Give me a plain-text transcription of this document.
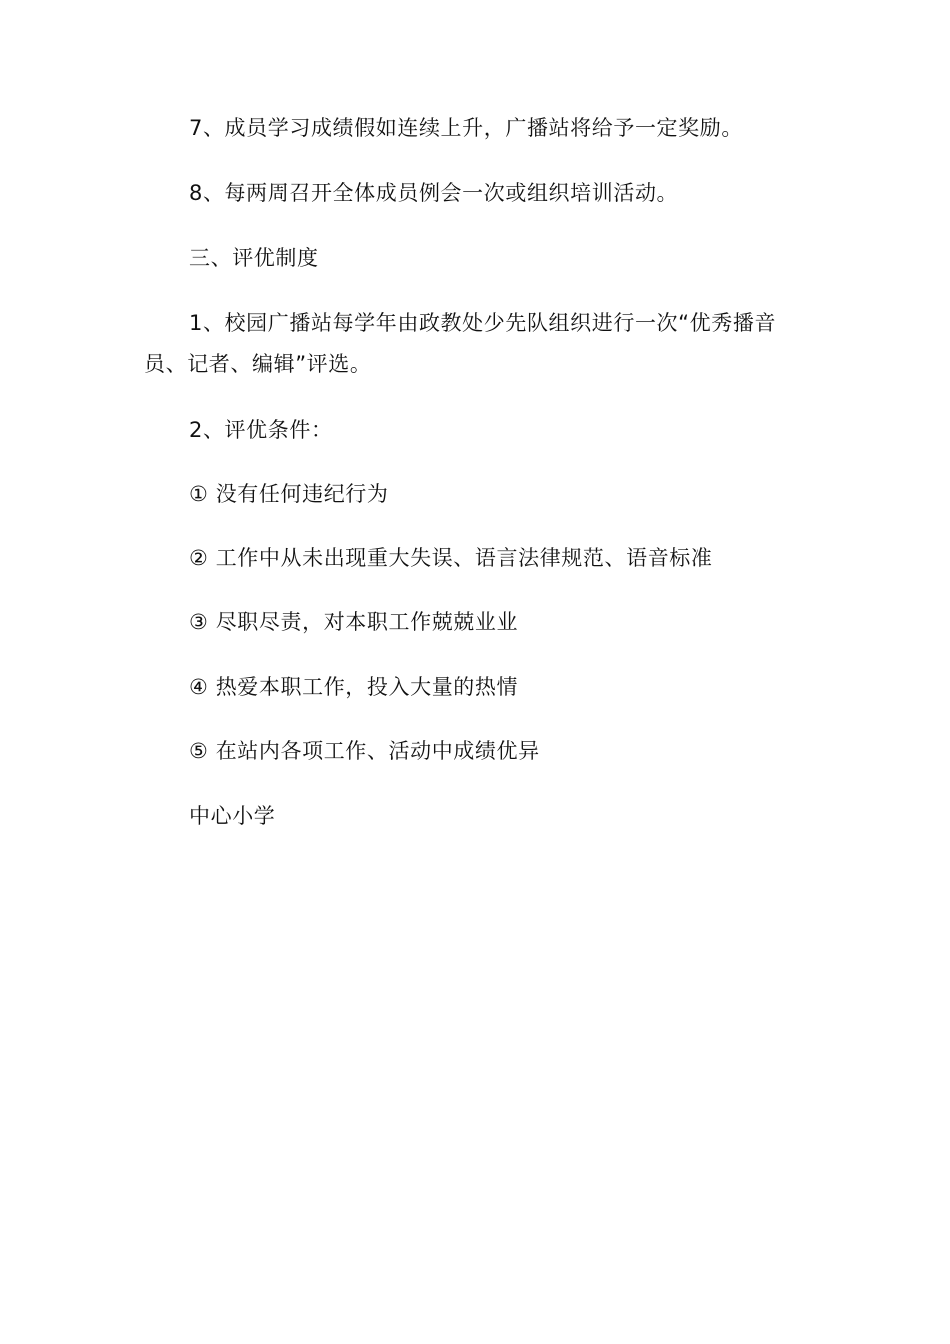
7、成员学习成绩假如连续上升，广播站将给予一定奖励。

8、每两周召开全体成员例会一次或组织培训活动。

三、评优制度

1、校园广播站每学年由政教处少先队组织进行一次“优秀播音员、记者、编辑”评选。

2、评优条件：

① 没有任何违纪行为

② 工作中从未出现重大失误、语言法律规范、语音标准

③ 尽职尽责，对本职工作兢兢业业

④ 热爱本职工作，投入大量的热情

⑤ 在站内各项工作、活动中成绩优异

中心小学
